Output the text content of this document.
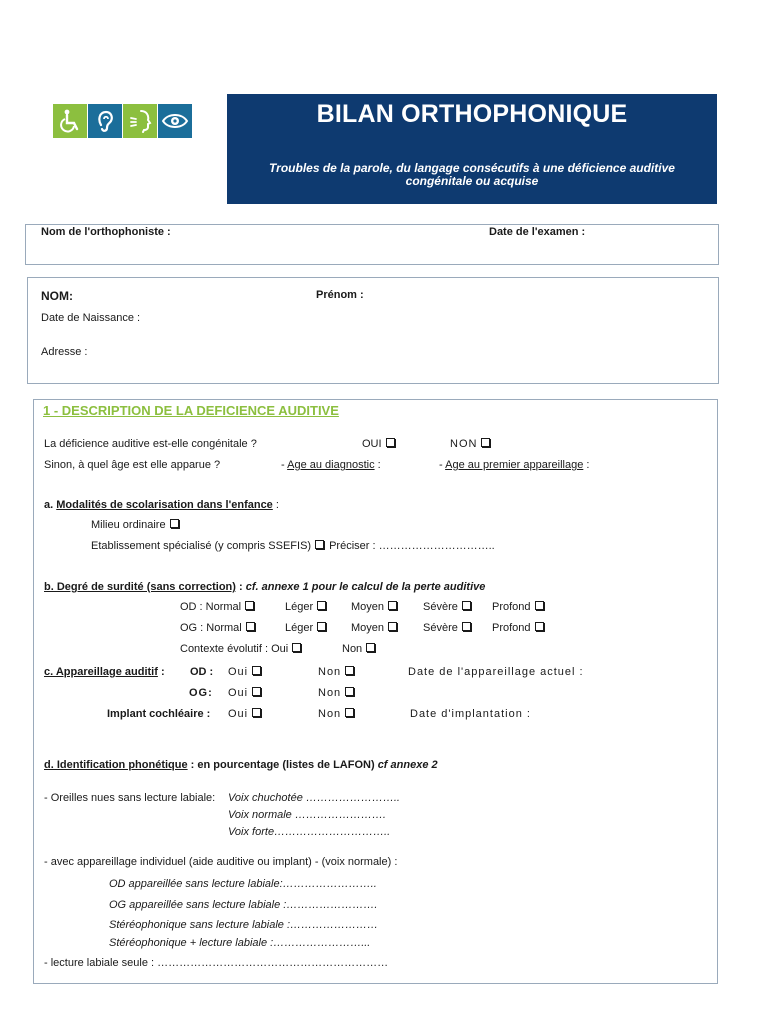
BILAN ORTHOPHONIQUE
Troubles de la parole, du langage consécutifs à une déficience auditive
congénitale ou acquise
Nom de l'orthophoniste :	Date de l'examen :
NOM:	Prénom :
Date de Naissance :
Adresse :
1 - DESCRIPTION DE LA DEFICIENCE AUDITIVE
La déficience auditive est-elle congénitale ?	OUI	NON
Sinon, à quel âge est elle apparue ?	- Age au diagnostic :	- Age au premier appareillage :
a. Modalités de scolarisation dans l'enfance :
Milieu ordinaire
Etablissement spécialisé (y compris SSEFIS) Préciser : …………………………..
b. Degré de surdité (sans correction) : cf. annexe 1 pour le calcul de la perte auditive
OD : Normal	Léger	Moyen	Sévère	Profond
OG : Normal	Léger	Moyen	Sévère	Profond
Contexte évolutif : Oui	Non
c. Appareillage auditif : OD : Oui	Non	Date de l'appareillage actuel :
OG: Oui	Non
Implant cochléaire : Oui	Non	Date d'implantation :
d. Identification phonétique : en pourcentage (listes de LAFON) cf annexe 2
- Oreilles nues sans lecture labiale: Voix chuchotée ……………………..
Voix normale …………………….
Voix forte…………………………..
- avec appareillage individuel (aide auditive ou implant) - (voix normale) :
OD appareillée sans lecture labiale:……………………..
OG appareillée sans lecture labiale :…………………….
Stéréophonique sans lecture labiale :……………………
Stéréophonique + lecture labiale :……………………...
- lecture labiale seule : ………………………………………………………
